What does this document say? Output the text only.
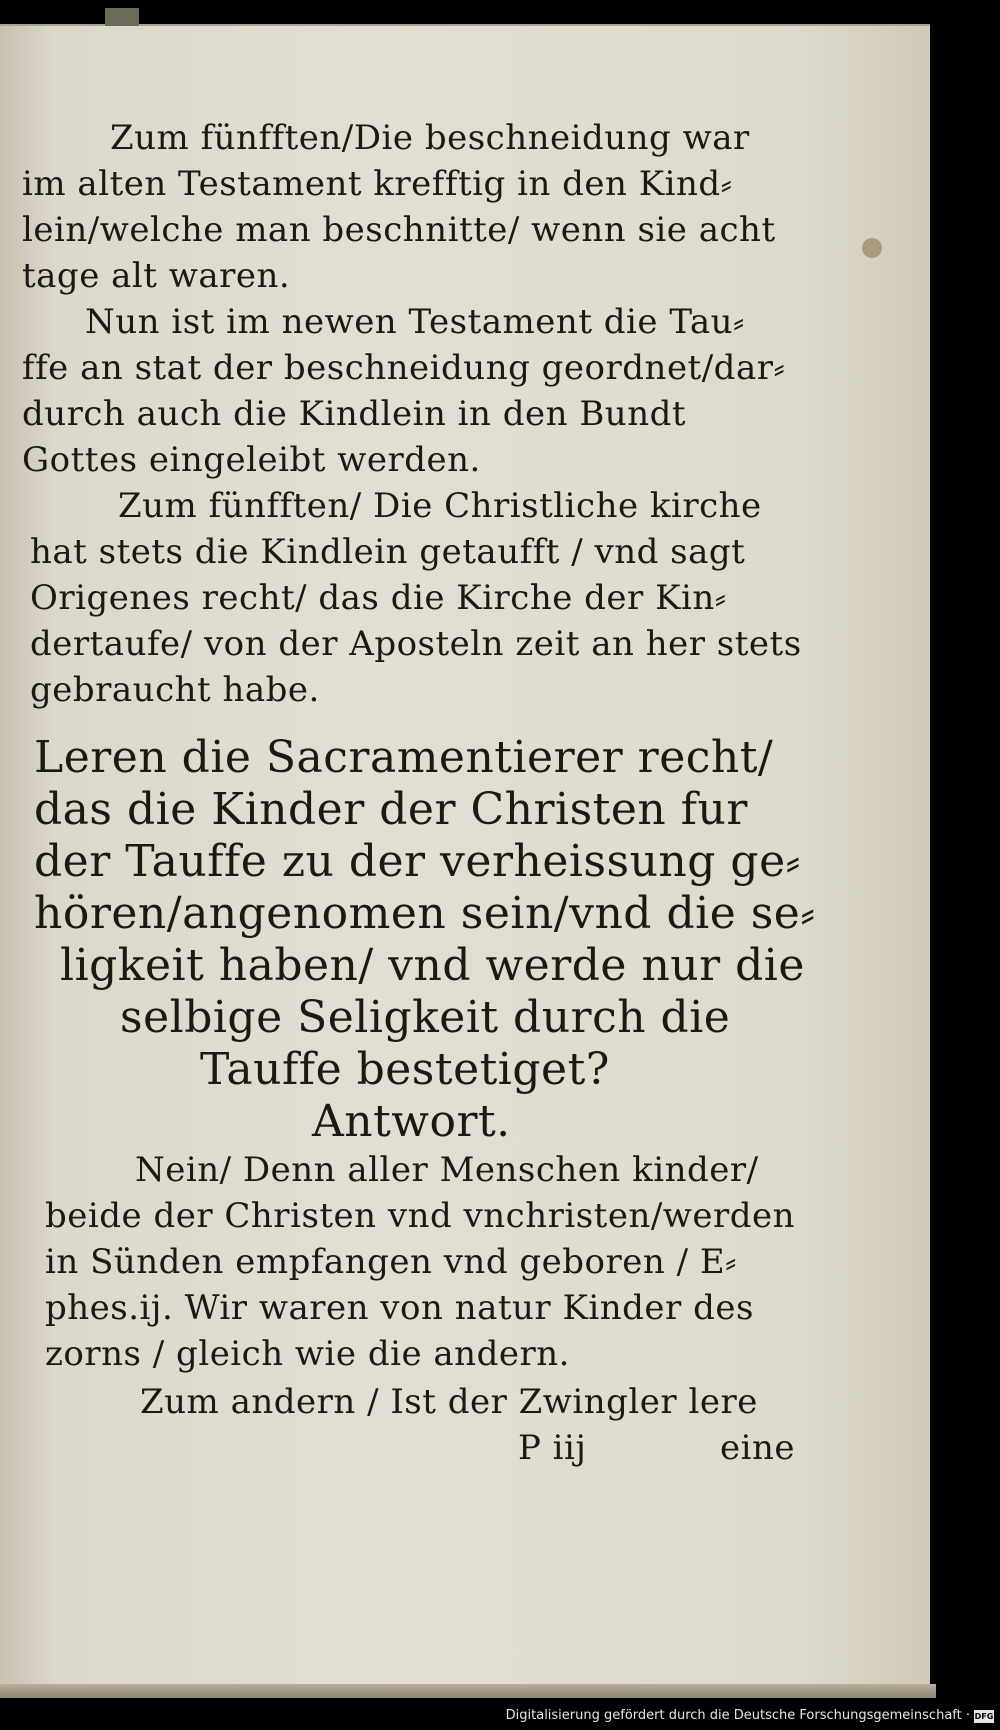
Zum fünfften/Die beschneidung war
im alten Testament krefftig in den Kind⸗
lein/welche man beschnitte/ wenn sie acht
tage alt waren.
Nun ist im newen Testament die Tau⸗
ffe an stat der beschneidung geordnet/dar⸗
durch auch die Kindlein in den Bundt
Gottes eingeleibt werden.
Zum fünfften/ Die Christliche kirche
hat stets die Kindlein getaufft / vnd sagt
Origenes recht/ das die Kirche der Kin⸗
dertaufe/ von der Aposteln zeit an her stets
gebraucht habe.
Leren die Sacramentierer recht/
das die Kinder der Christen fur
der Tauffe zu der verheissung ge⸗
hören/angenomen sein/vnd die se⸗
ligkeit haben/ vnd werde nur die
selbige Seligkeit durch die
Tauffe bestetiget?
Antwort.
Nein/ Denn aller Menschen kinder/
beide der Christen vnd vnchristen/werden
in Sünden empfangen vnd geboren / E⸗
phes.ij. Wir waren von natur Kinder des
zorns / gleich wie die andern.
Zum andern / Ist der Zwingler lere
P iij	eine
Digitalisierung gefördert durch die Deutsche Forschungsgemeinschaft · DFG
